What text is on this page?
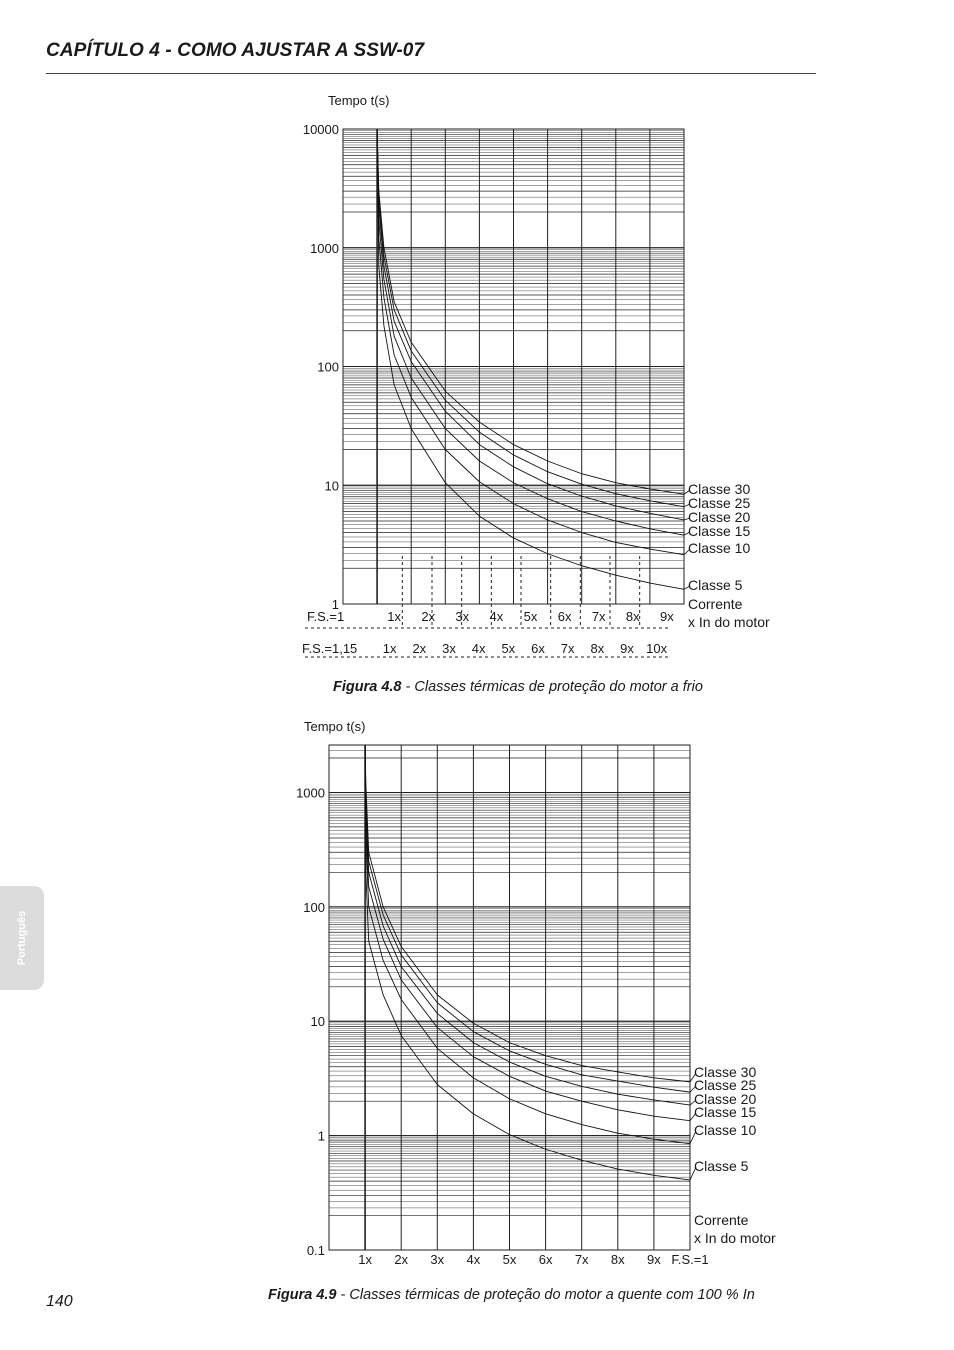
CAPÍTULO 4 - COMO AJUSTAR A SSW-07
Português
1
10
100
1000
10000
Tempo t(s)
Classe 30
Classe 25
Classe 20
Classe 15
Classe 10
Classe 5
Corrente
x In do motor
F.S.=1	1x 2x 3x 4x 5x 6x 7x 8x 9x
F.S.=1,15 1x 2x 3x 4x 5x 6x 7x 8x 9x 10x
0.1
1
10
100
1000
Tempo t(s)
Classe 30
Classe 25
Classe 20
Classe 15
Classe 10
Classe 5
Corrente
x In do motor
1x 2x 3x 4x 5x 6x 7x 8x 9x F.S.=1
Figura 4.8 - Classes térmicas de proteção do motor a frio
Figura 4.9 - Classes térmicas de proteção do motor a quente com 100 % In
140
